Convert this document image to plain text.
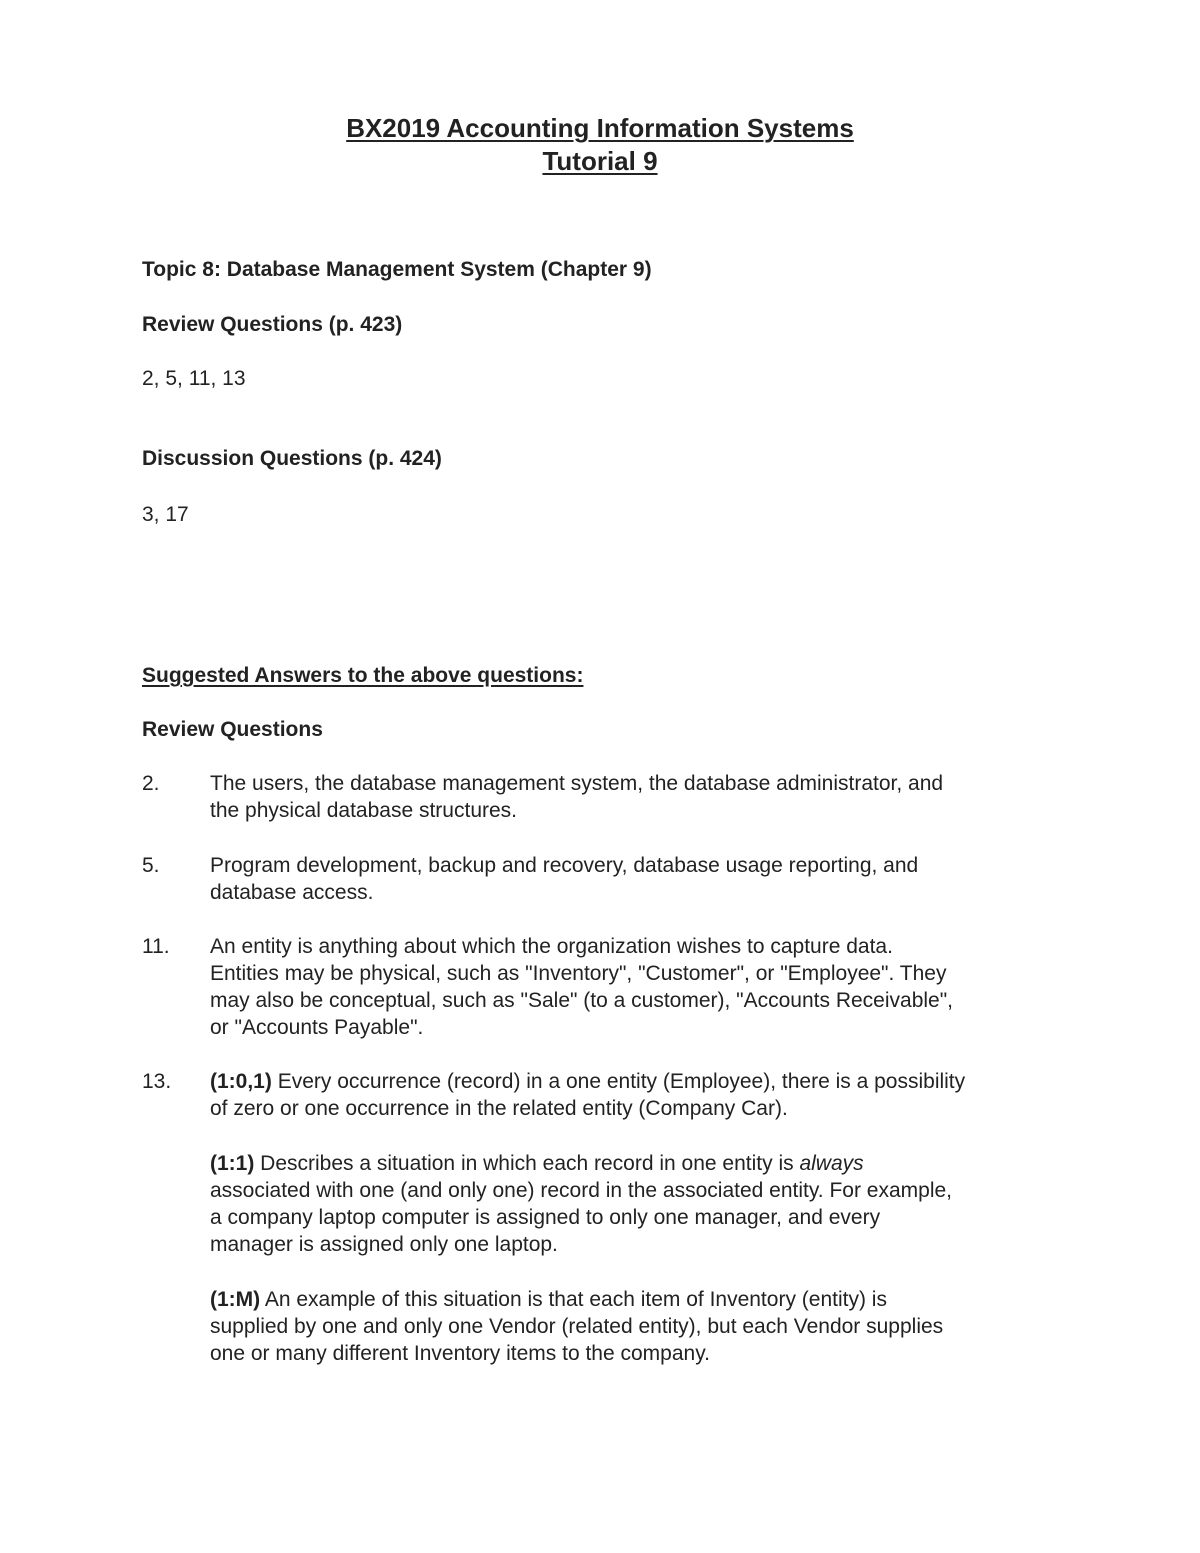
BX2019 Accounting Information Systems
Tutorial 9
Topic 8: Database Management System (Chapter 9)
Review Questions (p. 423)
2, 5, 11, 13
Discussion Questions (p. 424)
3, 17
Suggested Answers to the above questions:
Review Questions
2. The users, the database management system, the database administrator, and
the physical database structures.
5. Program development, backup and recovery, database usage reporting, and
database access.
11. An entity is anything about which the organization wishes to capture data.
Entities may be physical, such as "Inventory", "Customer", or "Employee". They
may also be conceptual, such as "Sale" (to a customer), "Accounts Receivable",
or "Accounts Payable".
13. (1:0,1) Every occurrence (record) in a one entity (Employee), there is a possibility
of zero or one occurrence in the related entity (Company Car).
(1:1) Describes a situation in which each record in one entity is always
associated with one (and only one) record in the associated entity. For example,
a company laptop computer is assigned to only one manager, and every
manager is assigned only one laptop.
(1:M) An example of this situation is that each item of Inventory (entity) is
supplied by one and only one Vendor (related entity), but each Vendor supplies
one or many different Inventory items to the company.
